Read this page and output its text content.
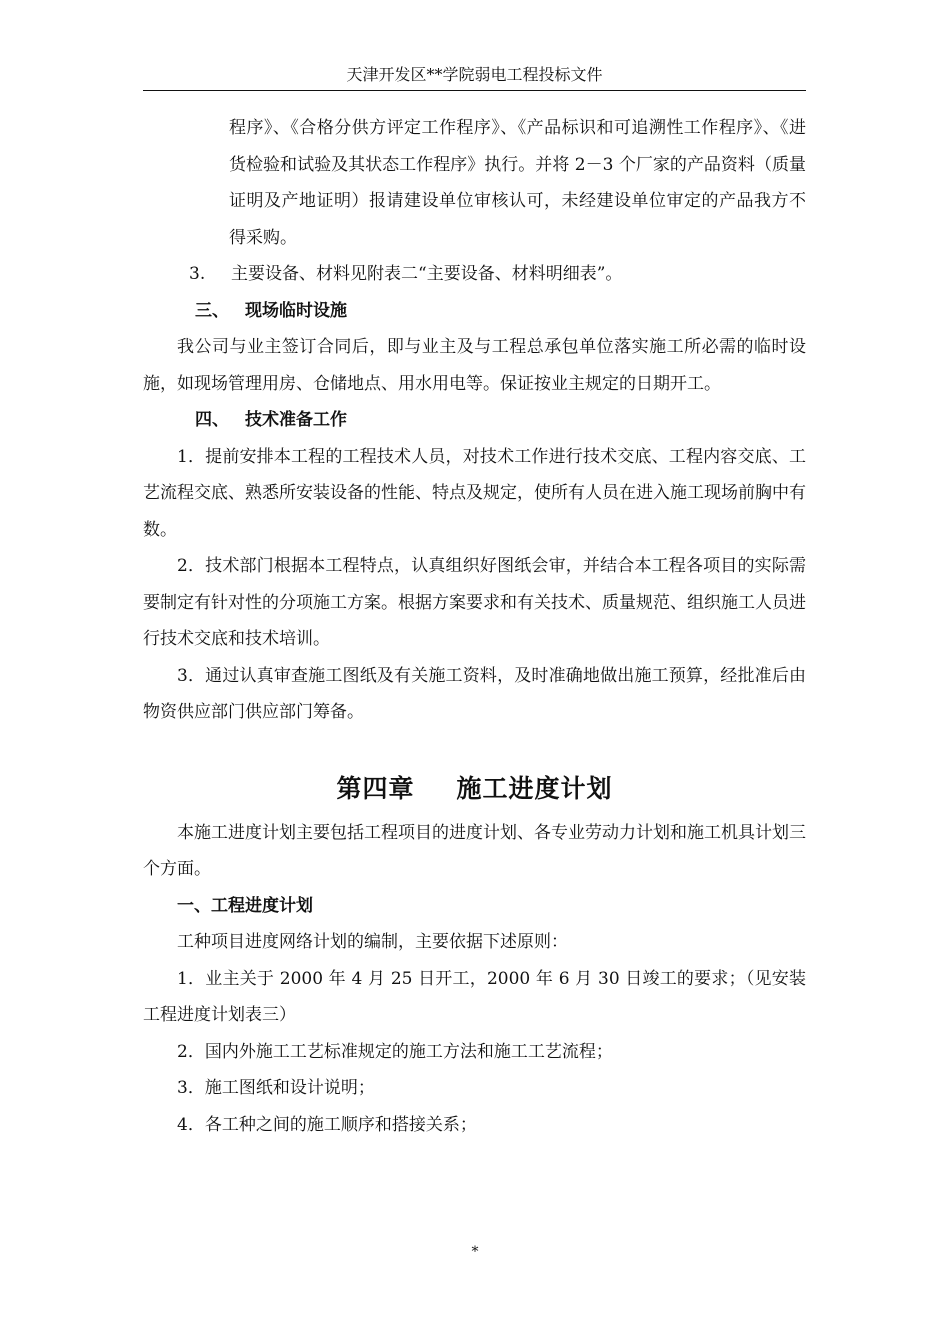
天津开发区**学院弱电工程投标文件

程序》、《合格分供方评定工作程序》、《产品标识和可追溯性工作程序》、《进货检验和试验及其状态工作程序》执行。并将 2－3 个厂家的产品资料（质量证明及产地证明）报请建设单位审核认可，未经建设单位审定的产品我方不得采购。

3. 主要设备、材料见附表二“主要设备、材料明细表”。

三、 现场临时设施

我公司与业主签订合同后，即与业主及与工程总承包单位落实施工所必需的临时设施，如现场管理用房、仓储地点、用水用电等。保证按业主规定的日期开工。

四、 技术准备工作

1．提前安排本工程的工程技术人员，对技术工作进行技术交底、工程内容交底、工艺流程交底、熟悉所安装设备的性能、特点及规定，使所有人员在进入施工现场前胸中有数。

2．技术部门根据本工程特点，认真组织好图纸会审，并结合本工程各项目的实际需要制定有针对性的分项施工方案。根据方案要求和有关技术、质量规范、组织施工人员进行技术交底和技术培训。

3．通过认真审查施工图纸及有关施工资料，及时准确地做出施工预算，经批准后由物资供应部门供应部门筹备。

第四章 施工进度计划

本施工进度计划主要包括工程项目的进度计划、各专业劳动力计划和施工机具计划三个方面。

一、工程进度计划

工种项目进度网络计划的编制，主要依据下述原则：

1．业主关于 2000 年 4 月 25 日开工，2000 年 6 月 30 日竣工的要求；（见安装工程进度计划表三）

2．国内外施工工艺标准规定的施工方法和施工工艺流程；

3．施工图纸和设计说明；

4．各工种之间的施工顺序和搭接关系；

*
